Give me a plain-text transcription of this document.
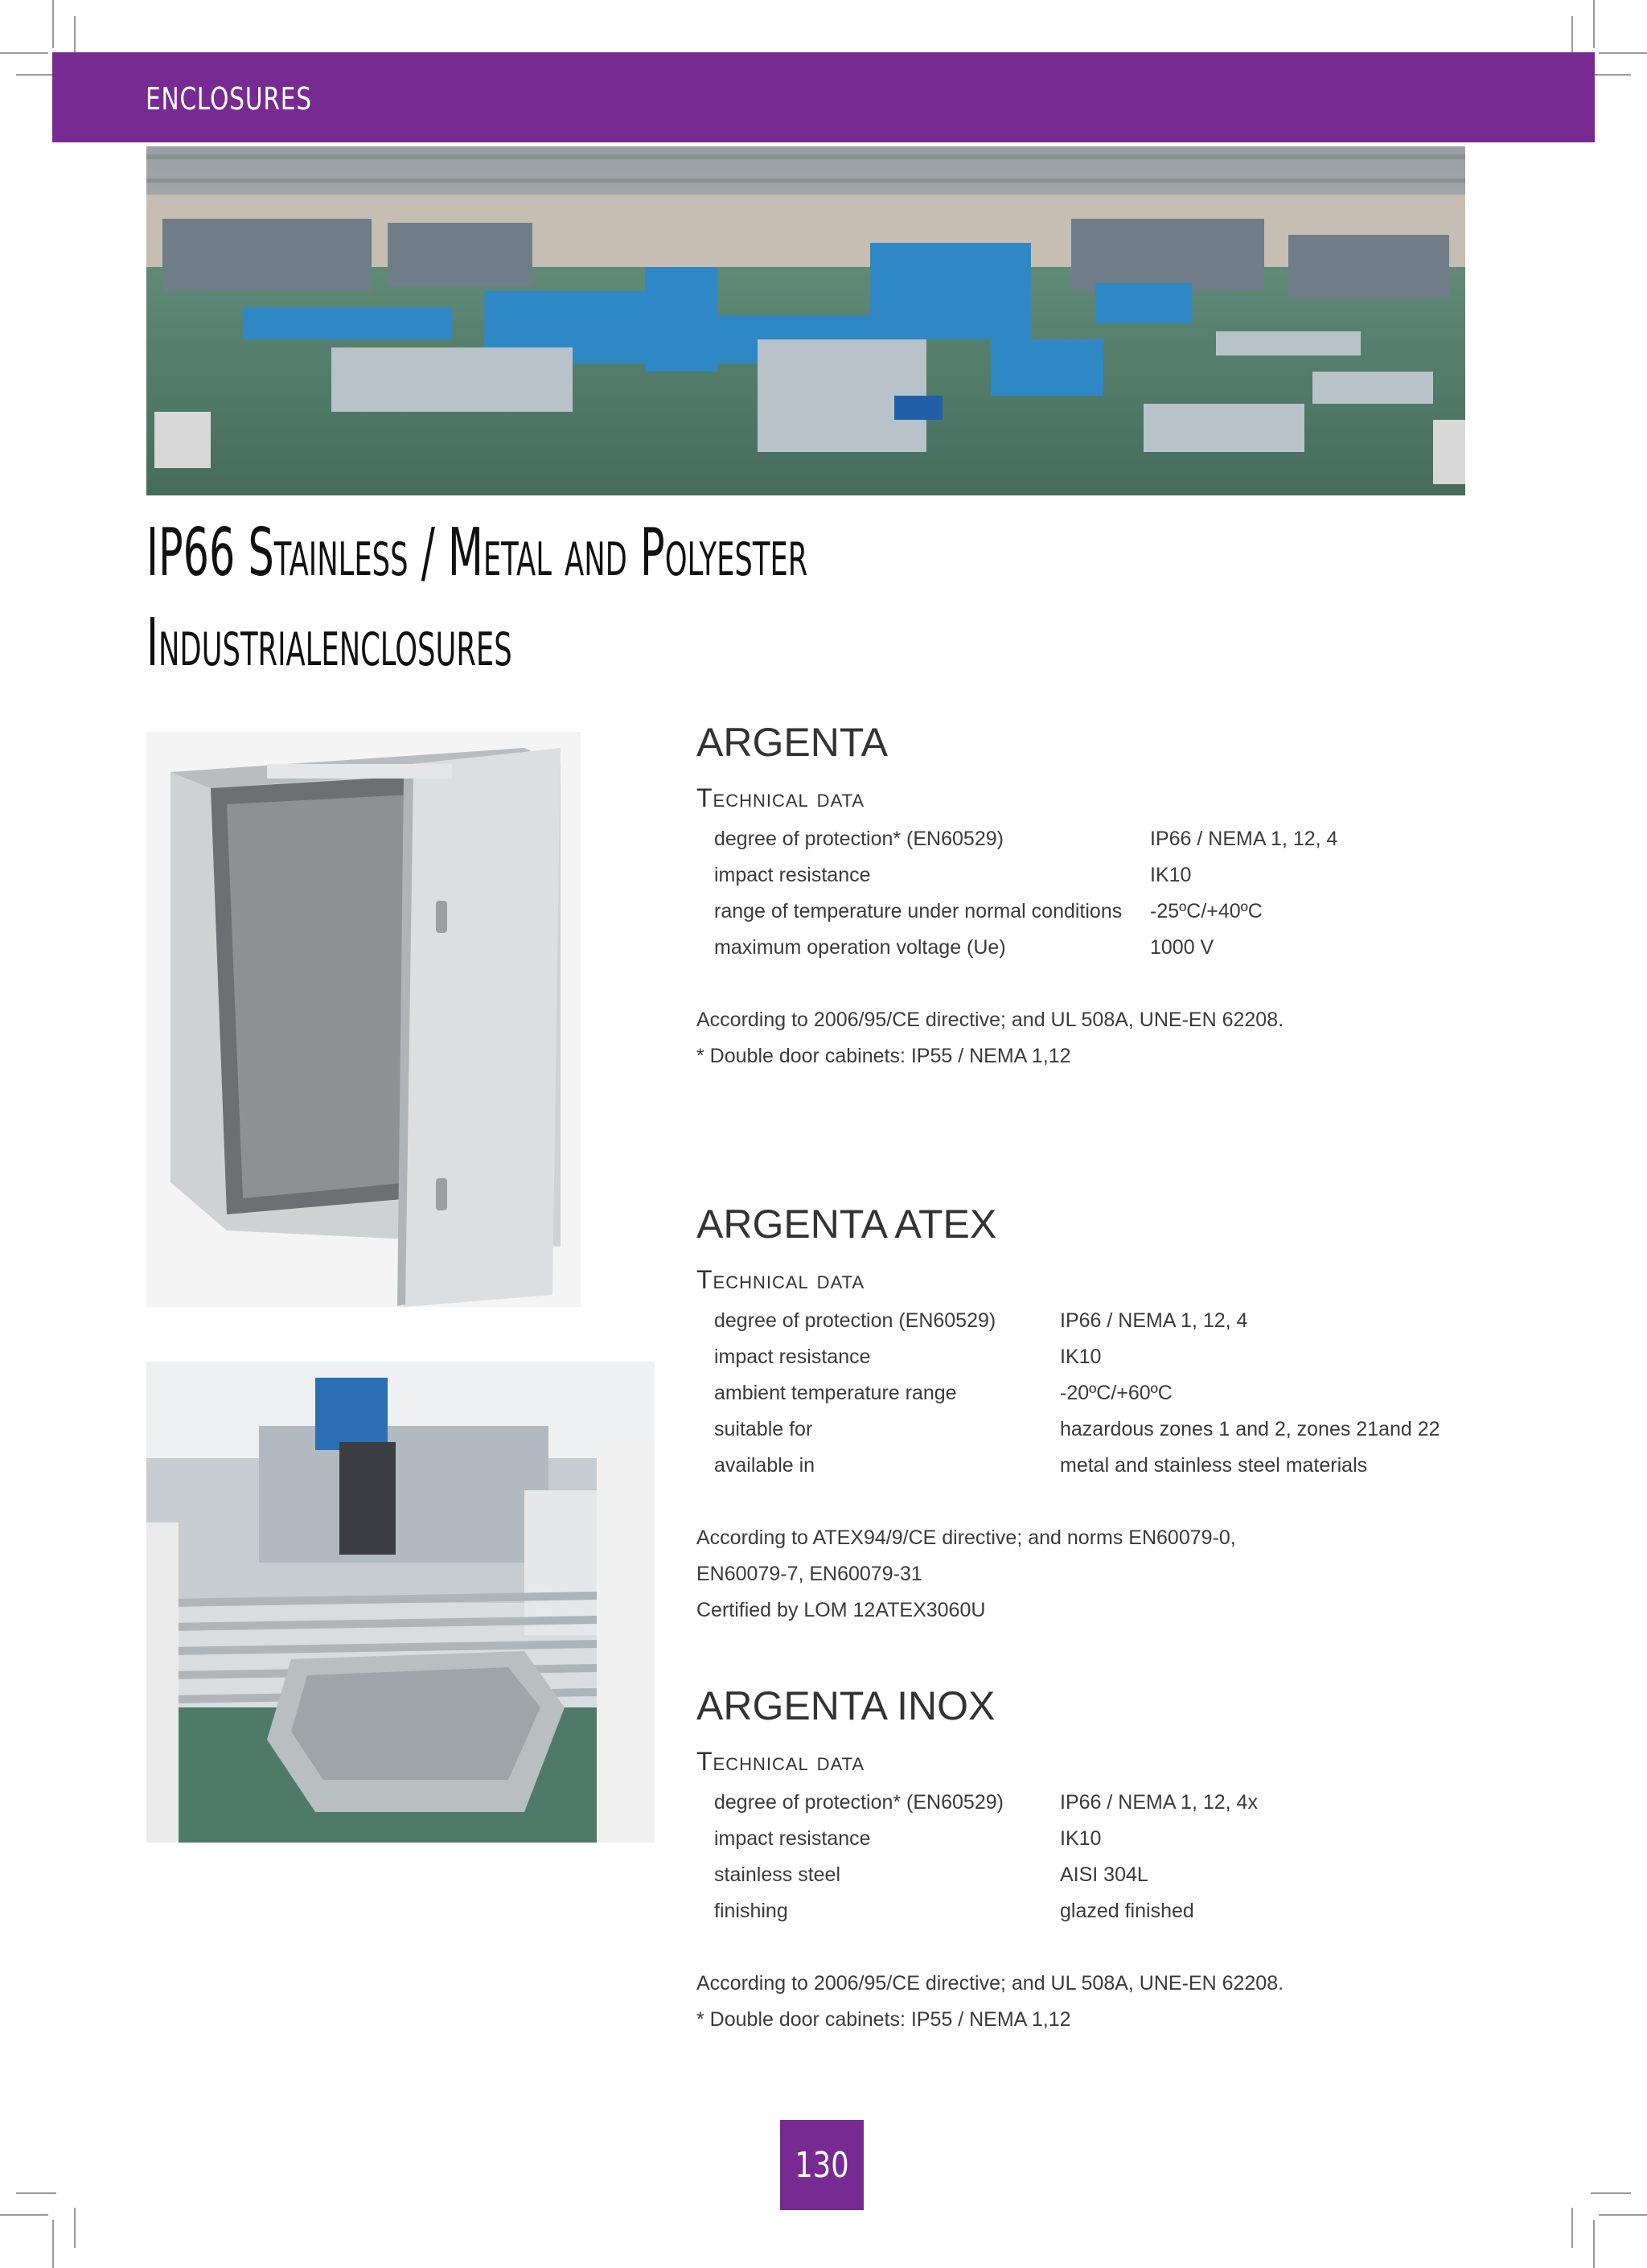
ENCLOSURES
IP66 Stainless / Metal and Polyester
Industrialenclosures
ARGENTA
Technical data
degree of protection* (EN60529)	IP66 / NEMA 1, 12, 4
impact resistance	IK10
range of temperature under normal conditions -25ºC/+40ºC
maximum operation voltage (Ue)	1000 V
According to 2006/95/CE directive; and UL 508A, UNE-EN 62208.
* Double door cabinets: IP55 / NEMA 1,12
ARGENTA ATEX
Technical data
degree of protection (EN60529)	IP66 / NEMA 1, 12, 4
impact resistance	IK10
ambient temperature range	-20ºC/+60ºC
suitable for	hazardous zones 1 and 2, zones 21and 22
available in	metal and stainless steel materials
According to ATEX94/9/CE directive; and norms EN60079-0,
EN60079-7, EN60079-31
Certified by LOM 12ATEX3060U
ARGENTA INOX
Technical data
degree of protection* (EN60529)	IP66 / NEMA 1, 12, 4x
impact resistance	IK10
stainless steel	AISI 304L
finishing	glazed finished
According to 2006/95/CE directive; and UL 508A, UNE-EN 62208.
* Double door cabinets: IP55 / NEMA 1,12
130
